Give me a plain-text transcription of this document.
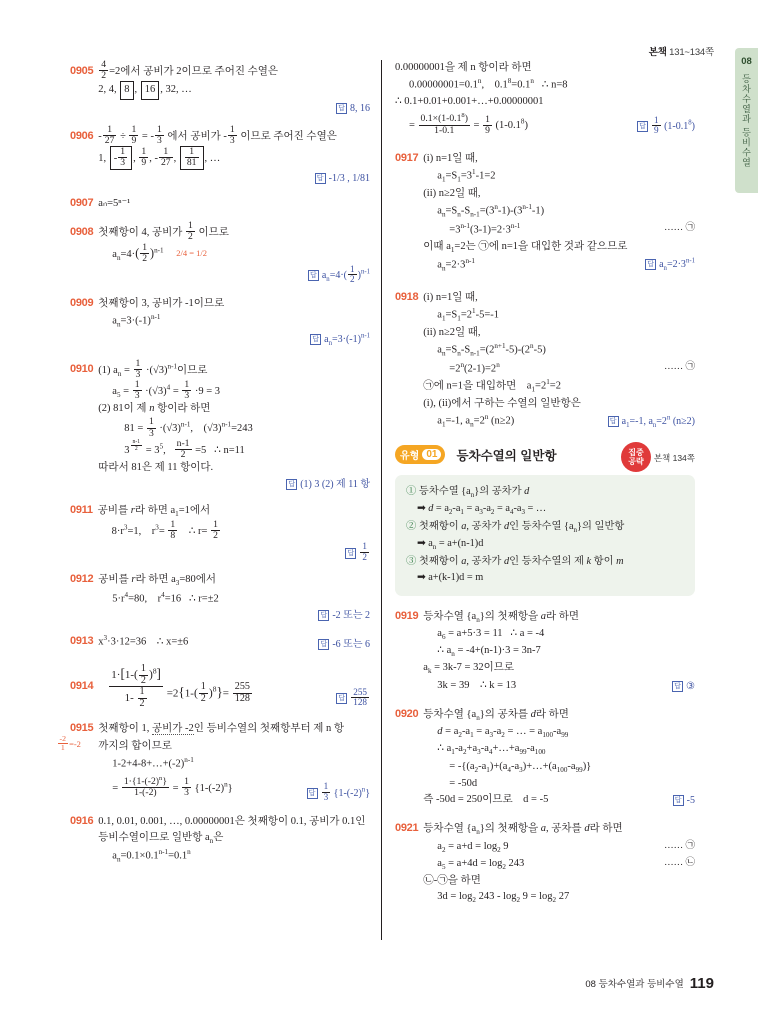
본책 131~134쪽
08
등차수열과 등비수열
$0905 \frac{4}{2} =2$에서 공비가 2이므로 주어진 수열은
2, 4, 8 , 16 , 32, …
답 8, 16
$0906 - \frac{1}{27} \div \frac{1}{9}$ = - $\frac{1}{3}$ 에서 공비가 - $\frac{1}{3}$ 이므로 주어진 수열은
1, - $\frac{1}{3}$ , $\frac{1}{9}$ , - $\frac{1}{27}$ , $\frac{1}{81}$ , …
답 -1/3 , 1/81
0907 aₙ=5ⁿ⁻¹
0908 첫째항이 4, 공비가 $\frac{1}{2}$ 이므로
$a_n=4\cdot( \frac{1}{2} )^{n-1}$ 2/4 = 1/2
답 $a_n=4\cdot( \frac{1}{2} )^{n-1}$
0909 첫째항이 3, 공비가 -1이므로
$a_n=3\cdot(-1)^{n-1}$
답 $a_n=3\cdot(-1)^{n-1}$
0910 (1) $a_n = \frac{1}{3} \cdot(√3)^{n-1}$이므로
$a_5 = \frac{1}{3} \cdot(√3)^4 = \frac{1}{3} \cdot 9 = 3$
(2) 81이 제 n 항이라 하면
$81 = \frac{1}{3} \cdot(√3)^{n-1}$,    $(√3)^{n-1}=243$
3 $^{\frac{n-1}{2}} = 3^5$, $\frac{n-1}{2} =5$   ∴ n=11
따라서 81은 제 11 항이다.
답 (1) 3 (2) 제 11 항
0911 공비를 r라 하면 $a_1=1$에서
$8\cdot r^3=1$,    $r^3= \frac{1}{8}$ ∴ $r= \frac{1}{2}$
답 $\frac{1}{2}$
0912 공비를 r라 하면 $a_3=80$에서
$5\cdot r^4=80$,    $r^4=16$   ∴ r=±2
답 -2 또는 2
0913 $x^3\cdot 3\cdot 12=36$    ∴ x=±6	답 -6 또는 6
$0914 \frac{1\cdot[1-( \frac{1}{2} )^8]}{1- \frac{1}{2}} =2\{1-( \frac{1}{2} )^8\}= \frac{255}{128}$	답 $\frac{255}{128}$
0915 첫째항이 1, 공비가 -2인 등비수열의 첫째항부터 제 n 항
까지의 합이므로
$\frac{-2}{1} =-2$
$1-2+4-8+\dots+(-2)^{n-1}$
= $\frac{1\cdot\{1-(-2)^n\}}{1-(-2)} = \frac{1}{3} \{1-(-2)^n\}$	답 $\frac{1}{3} \{1-(-2)^n\}$
0916 0.1, 0.01, 0.001, …, 0.00000001은 첫째항이 0.1, 공비가 0.1인 등비수열이므로 일반항 $a_n$은
$a_n=0.1\times 0.1^{n-1}=0.1^n$
0.00000001을 제 n 항이라 하면
$0.00000001=0.1^n$,    $0.1^8=0.1^n$   ∴ n=8
∴ 0.1+0.01+0.001+…+0.00000001
= $\frac{0.1\times(1-0.1^8)}{1-0.1} = \frac{1}{9} (1-0.1^8)$	답 $\frac{1}{9} (1-0.1^8)$
0917 (i) n=1일 때,
$a_1=S_1=3^1-1=2$
(ii) n≥2일 때,
$a_n=S_n-S_{n-1}=(3^n-1)-(3^{n-1}-1)$
$=3^{n-1}(3-1)=2\cdot 3^{n-1}$	…… ㉠
이때 $a_1=2$는 ㉠에 n=1을 대입한 것과 같으므로
$a_n=2\cdot 3^{n-1}$	답 $a_n=2\cdot 3^{n-1}$
0918 (i) n=1일 때,
$a_1=S_1=2^1-5=-1$
(ii) n≥2일 때,
$a_n=S_n-S_{n-1}=(2^{n+1}-5)-(2^n-5)$
$=2^n(2-1)=2^n$	…… ㉠
㉠에 n=1을 대입하면    $a_1=2^1=2$
(i), (ii)에서 구하는 수열의 일반항은
$a_1=-1$, $a_n=2^n$ (n≥2)	답 $a_1=-1$, $a_n=2^n$ (n≥2)
유형 01	등차수열의 일반항	집중
공략	본책 134쪽
① 등차수열 $\{a_n\}$의 공차가 d
➡ $d = a_2-a_1 = a_3-a_2 = a_4-a_3$ = …
② 첫째항이 a, 공차가 d인 등차수열 $\{a_n\}$의 일반항
➡ $a_n = a+(n-1)d$
③ 첫째항이 a, 공차가 d인 등차수열의 제 k 항이 m
➡ a+(k-1)d = m
0919 등차수열 $\{a_n\}$의 첫째항을 a라 하면
$a_6 = a+5\cdot 3 = 11$   ∴ a = -4
∴ $a_n = -4+(n-1)\cdot 3 = 3n-7$
$a_k = 3k-7 = 32$이므로
3k = 39    ∴ k = 13	답 ③
0920 등차수열 $\{a_n\}$의 공차를 d라 하면
$d = a_2-a_1 = a_3-a_2$ = … = $a_{100}-a_{99}$
∴ $a_1-a_2+a_3-a_4+\dots+a_{99}-a_{100}$
= $-\{(a_2-a_1)+(a_4-a_3)+\dots+(a_{100}-a_{99})\}$
= -50d
즉 -50d = 250이므로    d = -5	답 -5
0921 등차수열 $\{a_n\}$의 첫째항을 a, 공차를 d라 하면
$a_2 = a+d = \log_2 9$	…… ㉠
$a_5 = a+4d = \log_2 243$	…… ㉡
㉡-㉠을 하면
$3d = \log_2 243 - \log_2 9 = \log_2 27$
08 등차수열과 등비수열 119
